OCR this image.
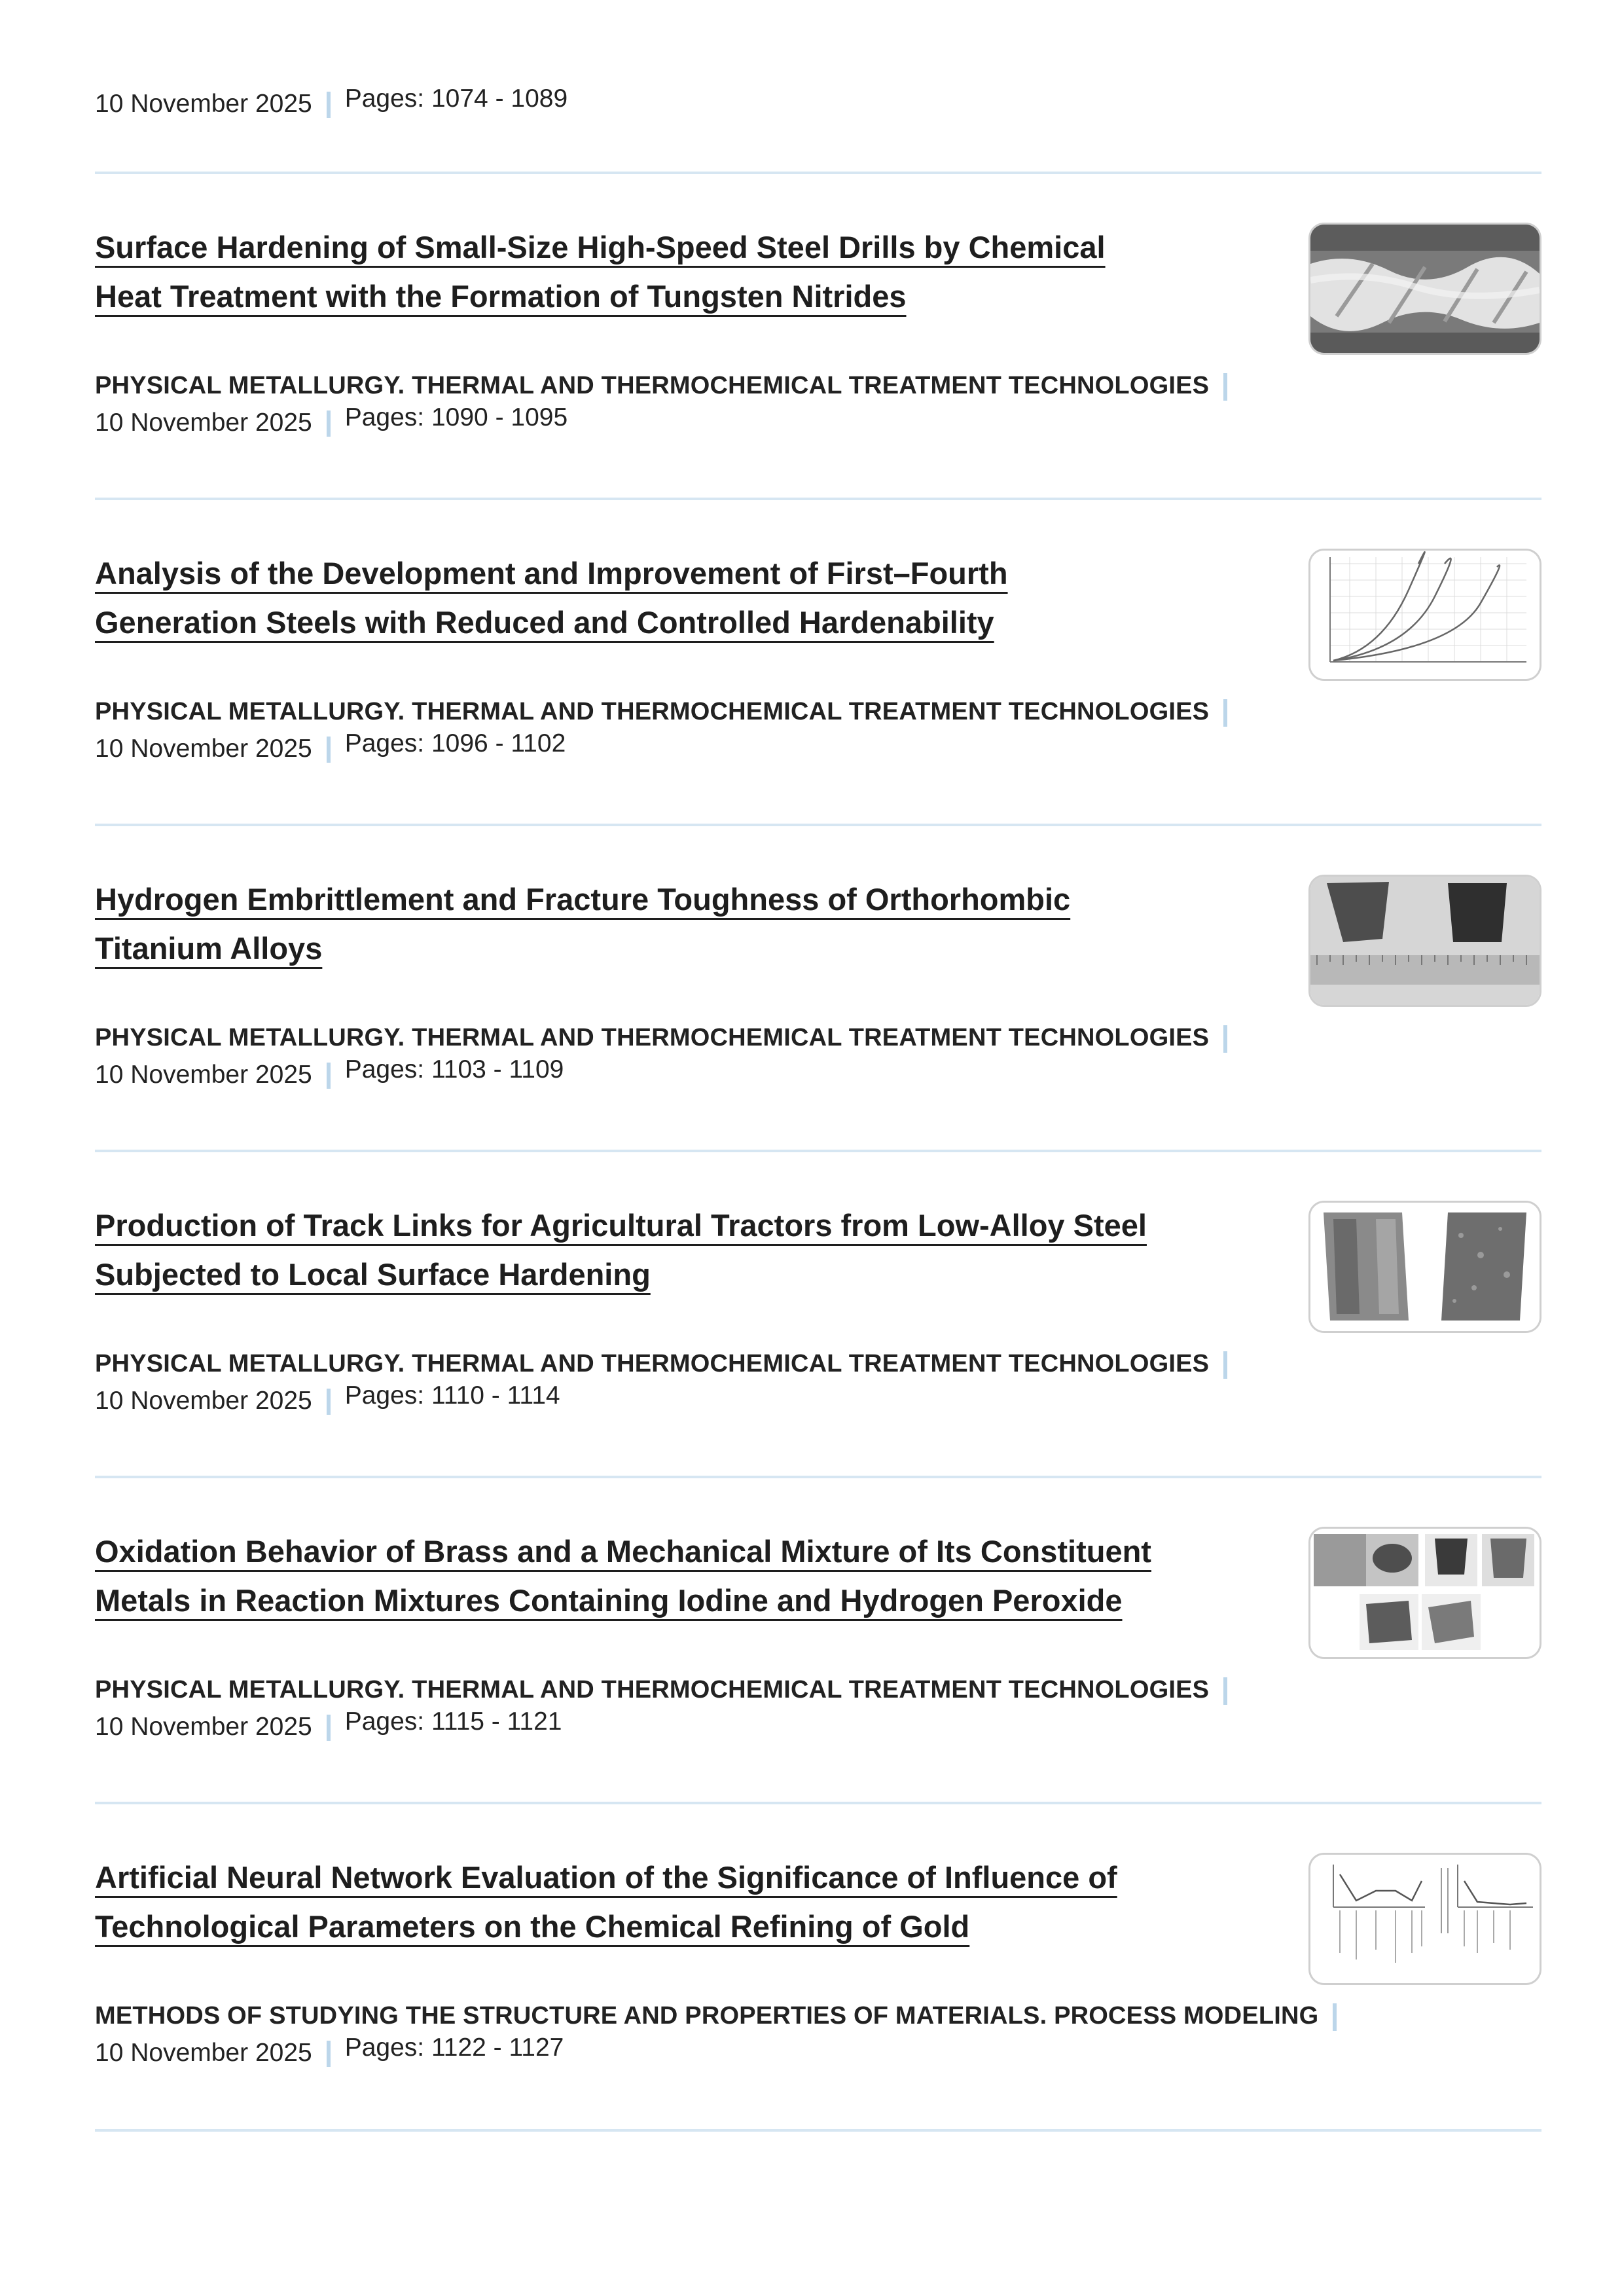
10 November 2025 Pages: 1074 - 1089
Surface Hardening of Small-Size High-Speed Steel Drills by Chemical
Heat Treatment with the Formation of Tungsten Nitrides
PHYSICAL METALLURGY. THERMAL AND THERMOCHEMICAL TREATMENT TECHNOLOGIES
10 November 2025 Pages: 1090 - 1095
Analysis of the Development and Improvement of First–Fourth
Generation Steels with Reduced and Controlled Hardenability
PHYSICAL METALLURGY. THERMAL AND THERMOCHEMICAL TREATMENT TECHNOLOGIES
10 November 2025 Pages: 1096 - 1102
Hydrogen Embrittlement and Fracture Toughness of Orthorhombic
Titanium Alloys
PHYSICAL METALLURGY. THERMAL AND THERMOCHEMICAL TREATMENT TECHNOLOGIES
10 November 2025 Pages: 1103 - 1109
Production of Track Links for Agricultural Tractors from Low-Alloy Steel
Subjected to Local Surface Hardening
PHYSICAL METALLURGY. THERMAL AND THERMOCHEMICAL TREATMENT TECHNOLOGIES
10 November 2025 Pages: 1110 - 1114
Oxidation Behavior of Brass and a Mechanical Mixture of Its Constituent
Metals in Reaction Mixtures Containing Iodine and Hydrogen Peroxide
PHYSICAL METALLURGY. THERMAL AND THERMOCHEMICAL TREATMENT TECHNOLOGIES
10 November 2025 Pages: 1115 - 1121
Artificial Neural Network Evaluation of the Significance of Influence of
Technological Parameters on the Chemical Refining of Gold
METHODS OF STUDYING THE STRUCTURE AND PROPERTIES OF MATERIALS. PROCESS MODELING
10 November 2025 Pages: 1122 - 1127
